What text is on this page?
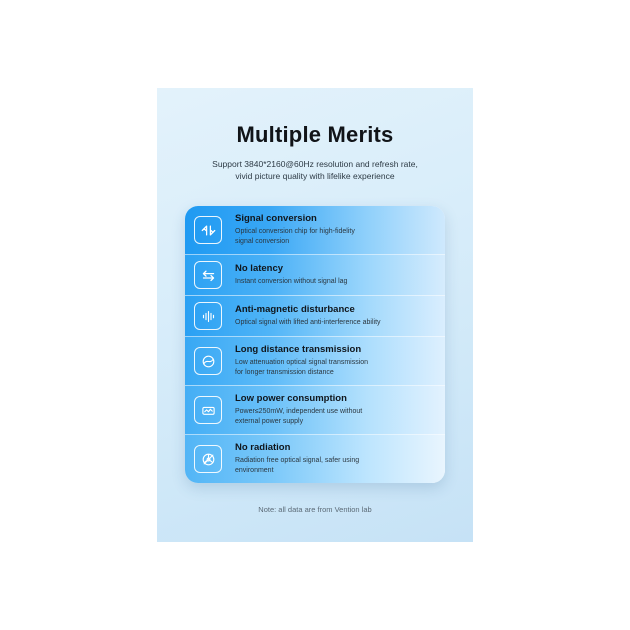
Multiple Merits
Support 3840*2160@60Hz resolution and refresh rate,
vivid picture quality with lifelike experience
Signal conversion
Optical conversion chip for high-fidelity
signal conversion
No latency
Instant conversion without signal lag
Anti-magnetic disturbance
Optical signal with lifted anti-interference ability
Long distance transmission
Low attenuation optical signal transmission
for longer transmission distance
Low power consumption
Power≤250mW, independent use without
external power supply
No radiation
Radiation free optical signal, safer using
environment
Note: all data are from Vention lab
